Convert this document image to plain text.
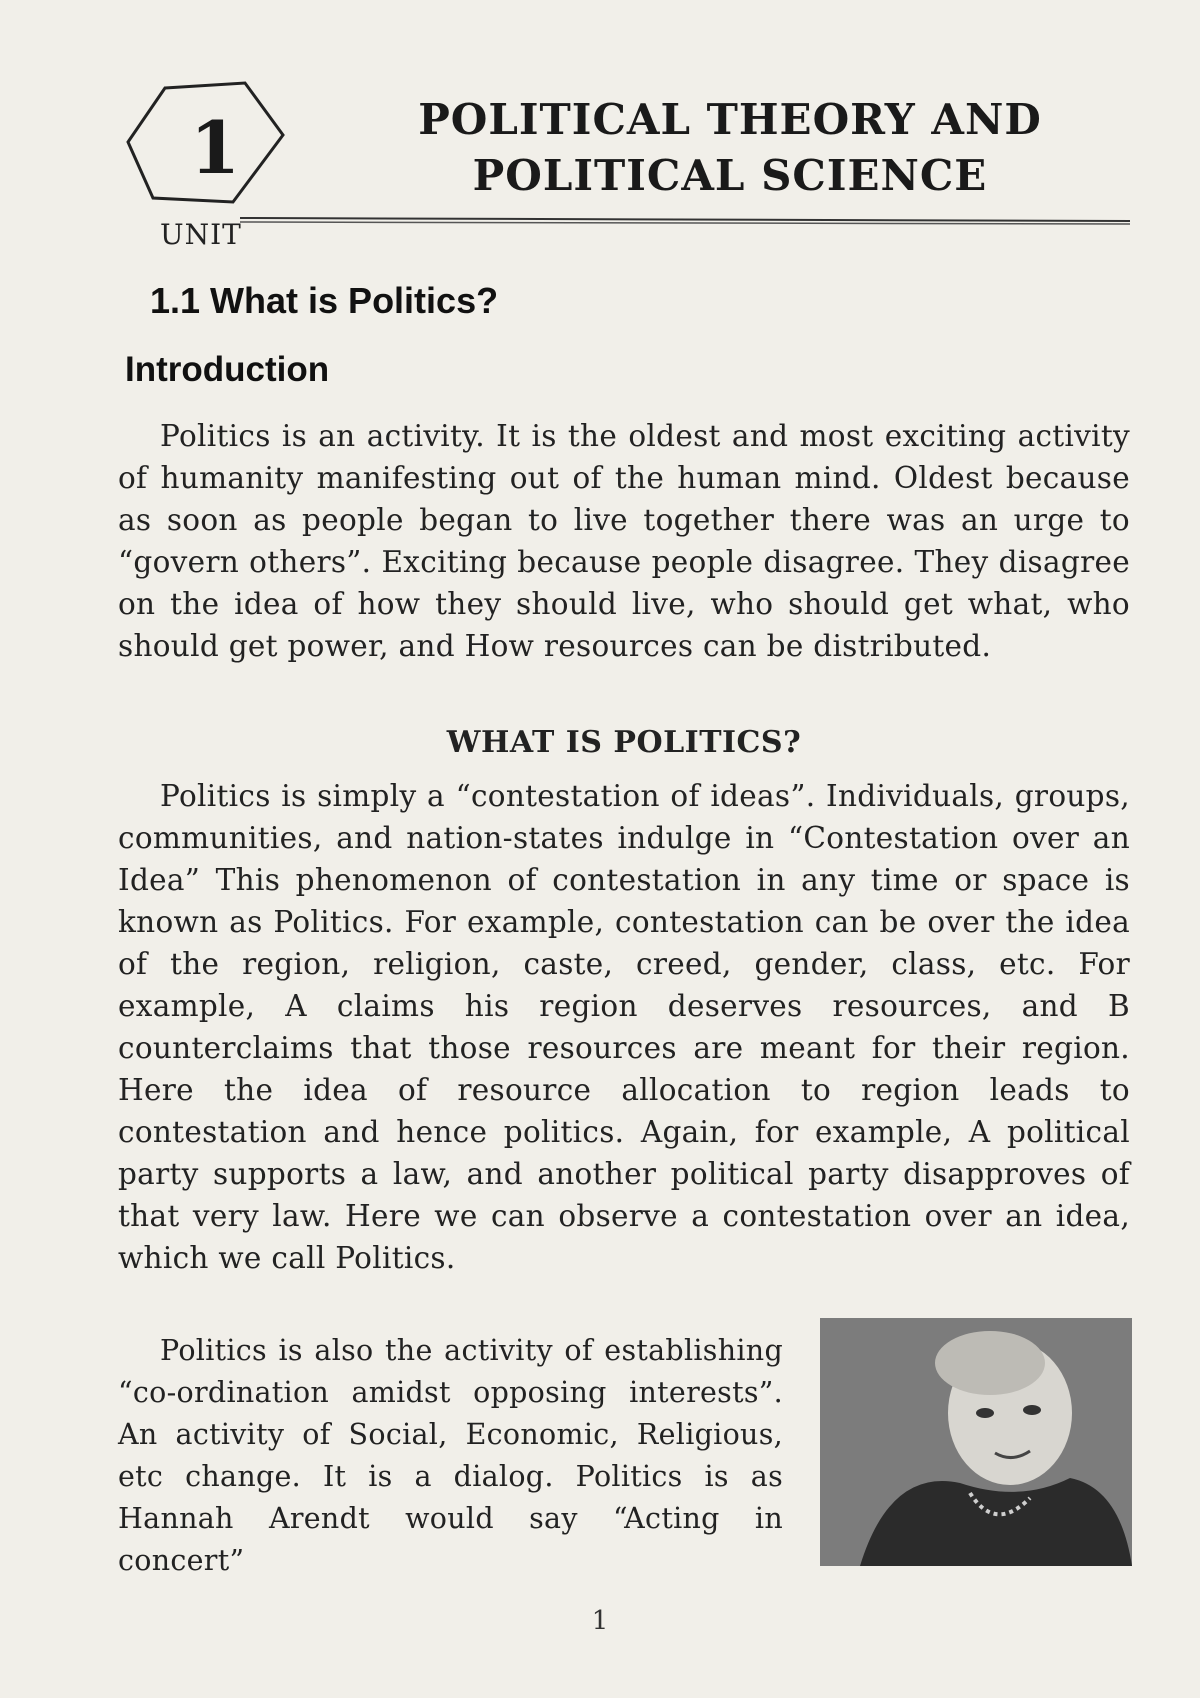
1
UNIT
POLITICAL THEORY AND
POLITICAL SCIENCE
1.1 What is Politics?
Introduction

Politics is an activity. It is the oldest and most exciting activity of humanity manifesting out of the human mind. Oldest because as soon as people began to live together there was an urge to “govern others”. Exciting because people disagree. They disagree on the idea of how they should live, who should get what, who should get power, and How resources can be distributed.

WHAT IS POLITICS?

Politics is simply a “contestation of ideas”. Individuals, groups, communities, and nation-states indulge in “Contestation over an Idea” This phenomenon of contestation in any time or space is known as Politics. For example, contestation can be over the idea of the region, religion, caste, creed, gender, class, etc. For example, A claims his region deserves resources, and B counterclaims that those resources are meant for their region. Here the idea of resource allocation to region leads to contestation and hence politics. Again, for example, A political party supports a law, and another political party disapproves of that very law. Here we can observe a contestation over an idea, which we call Politics.

Politics is also the activity of establishing “co-ordination amidst opposing interests”. An activity of Social, Economic, Religious, etc change. It is a dialog. Politics is as Hannah Arendt would say “Acting in concert”

1
